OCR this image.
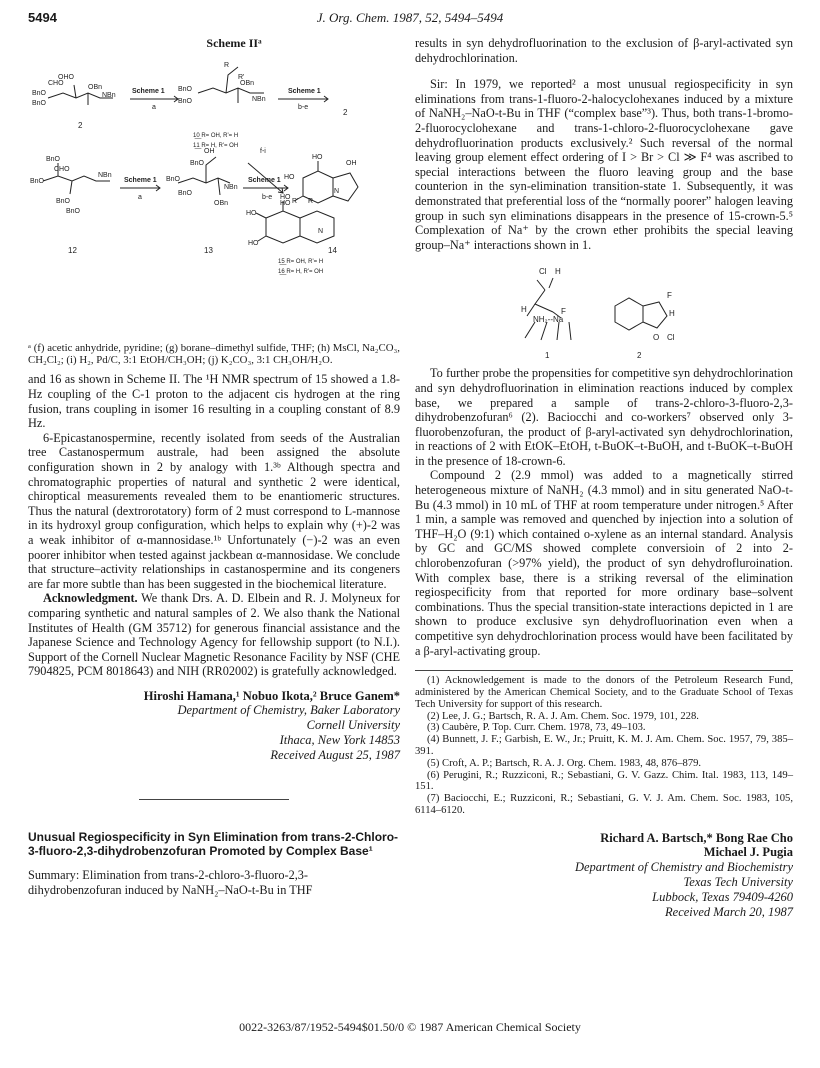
5494	J. Org. Chem. 1987, 52, 5494–5494
Scheme IIᵃ
CHO
OHO
BnO
BnO
OBn
NBn
Scheme 1
a
2
R
R'
BnO
BnO
OBn
NBn
Scheme 1
b-e
2
1̲0̲ R= OH, R'= H
1̲1̲ R= H, R'= OH
f-i
HO
R' R
HO
HO
N
1̲5̲ R= OH, R'= H
1̲6̲ R= H, R'= OH
BnO
CHO
BnO
NBn
BnO
BnO
Scheme 1
a
12
BnO
OH
BnO
BnO
NBn
OBn
Scheme 1
b-e
13
HO
OH
HO
HO
N
14

ᵃ (f) acetic anhydride, pyridine; (g) borane–dimethyl sulfide, THF; (h) MsCl, Na₂CO₃, CH₂Cl₂; (i) H₂, Pd/C, 3:1 EtOH/CH₃OH; (j) K₂CO₃, 3:1 CH₃OH/H₂O.

and 16 as shown in Scheme II. The ¹H NMR spectrum of 15 showed a 1.8-Hz coupling of the C-1 proton to the adjacent cis hydrogen at the ring fusion, trans coupling in isomer 16 resulting in a coupling constant of 8.9 Hz.

6-Epicastanospermine, recently isolated from seeds of the Australian tree Castanospermum australe, had been assigned the absolute configuration shown in 2 by analogy with 1.³ᵇ Although spectra and chromatographic properties of natural and synthetic 2 were identical, chiroptical measurements revealed them to be enantiomeric structures. Thus the natural (dextrorotatory) form of 2 must correspond to L-mannose in its hydroxyl group configuration, which helps to explain why (+)-2 was a weak inhibitor of α-mannosidase.¹ᵇ Unfortunately (−)-2 was an even poorer inhibitor when tested against jackbean α-mannosidase. We conclude that structure–activity relationships in castanospermine and its congeners are far more subtle than has been suggested in the biochemical literature.

Acknowledgment. We thank Drs. A. D. Elbein and R. J. Molyneux for comparing synthetic and natural samples of 2. We also thank the National Institutes of Health (GM 35712) for generous financial assistance and the Japanese Science and Technology Agency for fellowship support (to N.I.). Support of the Cornell Nuclear Magnetic Resonance Facility by NSF (CHE 7904825, PCM 8018643) and NIH (RR02002) is gratefully acknowledged.

Hiroshi Hamana,¹ Nobuo Ikota,² Bruce Ganem*
Department of Chemistry, Baker Laboratory
Cornell University
Ithaca, New York 14853
Received August 25, 1987
Unusual Regiospecificity in Syn Elimination from trans-2-Chloro-3-fluoro-2,3-dihydrobenzofuran Promoted by Complex Base¹

Summary: Elimination from trans-2-chloro-3-fluoro-2,3-dihydrobenzofuran induced by NaNH₂–NaO-t-Bu in THF

results in syn dehydrofluorination to the exclusion of β-aryl-activated syn dehydrochlorination.

Sir: In 1979, we reported² a most unusual regiospecificity in syn eliminations from trans-1-fluoro-2-halocyclohexanes induced by a mixture of NaNH₂–NaO-t-Bu in THF (“complex base”³). Thus, both trans-1-bromo-2-fluorocyclohexane and trans-1-chloro-2-fluorocyclohexane gave dehydrofluorination products exclusively.² Such reversal of the normal leaving group element effect ordering of I > Br > Cl ≫ F⁴ was ascribed to special interactions between the fluoro leaving group and the base counterion in the syn-elimination transition-state 1. Subsequently, it was demonstrated that preferential loss of the “normally poorer” halogen leaving group in such syn eliminations disappears in the presence of 15-crown-5.⁵ Complexation of Na⁺ by the crown ether prohibits the special leaving group–Na⁺ interactions shown in 1.

Cl H
H	F
NH₂--Na
F
H
O Cl
1	2

To further probe the propensities for competitive syn dehydrochlorination and syn dehydrofluorination in elimination reactions induced by complex base, we prepared a sample of trans-2-chloro-3-fluoro-2,3-dihydrobenzofuran⁶ (2). Baciocchi and co-workers⁷ observed only 3-fluorobenzofuran, the product of β-aryl-activated syn dehydrochlorination, in reactions of 2 with EtOK–EtOH, t-BuOK–t-BuOH, and t-BuOK–t-BuOH in the presence of 18-crown-6.

Compound 2 (2.9 mmol) was added to a magnetically stirred heterogeneous mixture of NaNH₂ (4.3 mmol) and in situ generated NaO-t-Bu (4.3 mmol) in 10 mL of THF at room temperature under nitrogen.⁵ After 1 min, a sample was removed and quenched by injection into a solution of THF–H₂O (9:1) which contained o-xylene as an internal standard. Analysis by GC and GC/MS showed complete conversioin of 2 into 2-chlorobenzofuran (>97% yield), the product of syn dehydrofluroination. With complex base, there is a striking reversal of the elimination regiospecificity from that reported for more ordinary base–solvent combinations. Thus the special transition-state interactions depicted in 1 are shown to produce exclusive syn dehydrofluorination even when a competitive syn dehydrochlorination process would have been facilitated by a β-aryl-activating group.

(1) Acknowledgement is made to the donors of the Petroleum Research Fund, administered by the American Chemical Society, and to the Graduate School of Texas Tech University for support of this research.

(2) Lee, J. G.; Bartsch, R. A. J. Am. Chem. Soc. 1979, 101, 228.

(3) Caubère, P. Top. Curr. Chem. 1978, 73, 49–103.

(4) Bunnett, J. F.; Garbish, E. W., Jr.; Pruitt, K. M. J. Am. Chem. Soc. 1957, 79, 385–391.

(5) Croft, A. P.; Bartsch, R. A. J. Org. Chem. 1983, 48, 876–879.

(6) Perugini, R.; Ruzziconi, R.; Sebastiani, G. V. Gazz. Chim. Ital. 1983, 113, 149–151.

(7) Baciocchi, E.; Ruzziconi, R.; Sebastiani, G. V. J. Am. Chem. Soc. 1983, 105, 6114–6120.

Richard A. Bartsch,* Bong Rae Cho
Michael J. Pugia
Department of Chemistry and Biochemistry
Texas Tech University
Lubbock, Texas 79409-4260
Received March 20, 1987
0022-3263/87/1952-5494$01.50/0 © 1987 American Chemical Society
